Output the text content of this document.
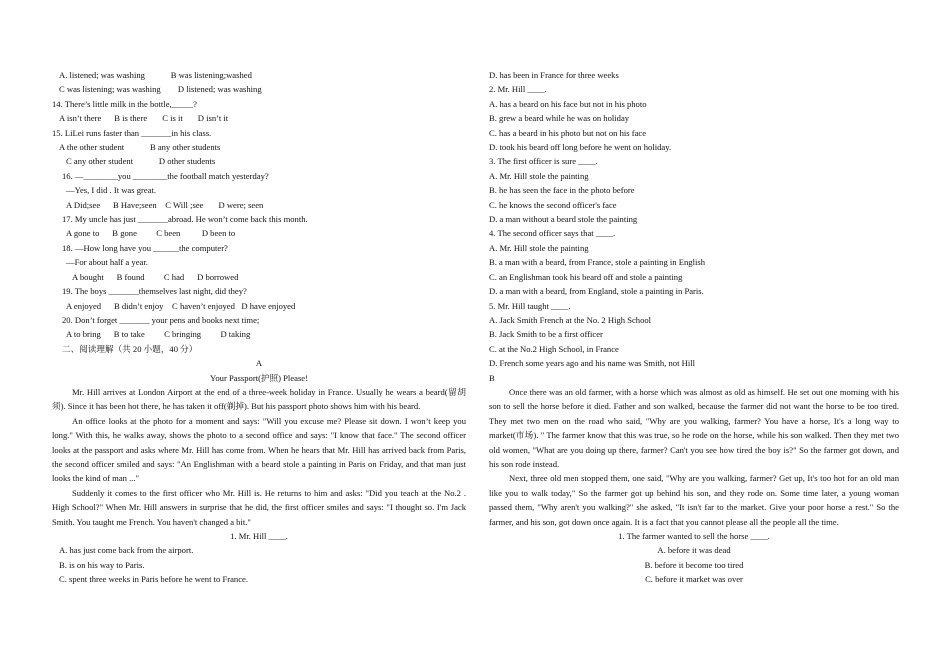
A. listened; was washing            B was listening;washed
C was listening; was washing        D listened; was washing
14. There’s little milk in the bottle,_____?
A isn’t there      B is there       C is it       D isn’t it
15. LiLei runs faster than _______in his class.
A the other student            B any other students
C any other student            D other students
16. —________you ________the football match yesterday?
—Yes, I did . It was great.
A Did;see      B Have;seen    C Will ;see       D were; seen
17. My uncle has just _______abroad. He won’t come back this month.
A gone to      B gone         C been          D been to
18. —How long have you ______the computer?
—For about half a year.
A bought      B found         C had      D borrowed
19. The boys _______themselves last night, did they?
A enjoyed      B didn’t enjoy    C haven’t enjoyed   D have enjoyed
20. Don’t forget _______ your pens and books next time;
A to bring      B to take         C bringing         D taking
二、阅读理解（共 20 小题，40 分）
A
Your Passport(护照) Please!
Mr. Hill arrives at London Airport at the end of a three-week holiday in France. Usually he wears a beard(留胡须). Since it has been hot there, he has taken it off(剃掉). But his passport photo shows him with his beard.
An office looks at the photo for a moment and says: "Will you excuse me? Please sit down. I won’t keep you long." With this, he walks away, shows the photo to a second office and says: "I know that face." The second officer looks at the passport and asks where Mr. Hill has come from. When he hears that Mr. Hill has arrived back from Paris, the second officer smiled and says: "An Englishman with a beard stole a painting in Paris on Friday, and that man just looks the kind of man ..."
Suddenly it comes to the first officer who Mr. Hill is. He returns to him and asks: "Did you teach at the No.2 . High School?" When Mr. Hill answers in surprise that he did, the first officer smiles and says: "I thought so. I'm Jack Smith. You taught me French. You haven't changed a bit."
1. Mr. Hill ____.
A. has just come back from the airport.
B. is on his way to Paris.
C. spent three weeks in Paris before he went to France.
D. has been in France for three weeks
2. Mr. Hill ____.
A. has a beard on his face but not in his photo
B. grew a beard while he was on holiday
C. has a beard in his photo but not on his face
D. took his beard off long before he went on holiday.
3. The first officer is sure ____.
A. Mr. Hill stole the painting
B. he has seen the face in the photo before
C. he knows the second officer's face
D. a man without a beard stole the painting
4. The second officer says that ____.
A. Mr. Hill stole the painting
B. a man with a beard, from France, stole a painting in English
C. an Englishman took his beard off and stole a painting
D. a man with a beard, from England, stole a painting in Paris.
5. Mr. Hill taught ____.
A. Jack Smith French at the No. 2 High School
B. Jack Smith to be a first officer
C. at the No.2 High School, in France
D. French some years ago and his name was Smith, not Hill
B
Once there was an old farmer, with a horse which was almost as old as himself. He set out one morning with his son to sell the horse before it died. Father and son walked, because the farmer did not want the horse to be too tired. They met two men on the road who said, "Why are you walking, farmer? You have a horse, It's a long way to market(市场). " The farmer know that this was true, so he rode on the horse, while his son walked. Then they met two old women, "What are you doing up there, farmer? Can't you see how tired the boy is?" So the farmer got down, and his son rode instead.
Next, three old men stopped them, one said, "Why are you walking, farmer? Get up, It's too hot for an old man like you to walk today," So the farmer got up behind his son, and they rode on. Some time later, a young woman passed them, "Why aren't you walking?" she asked, "It isn't far to the market. Give your poor horse a rest." So the farmer, and his son, got down once again. It is a fact that you cannot please all the people all the time.
1. The farmer wanted to sell the horse ____.
A. before it was dead
B. before it become too tired
C. before it market was over
